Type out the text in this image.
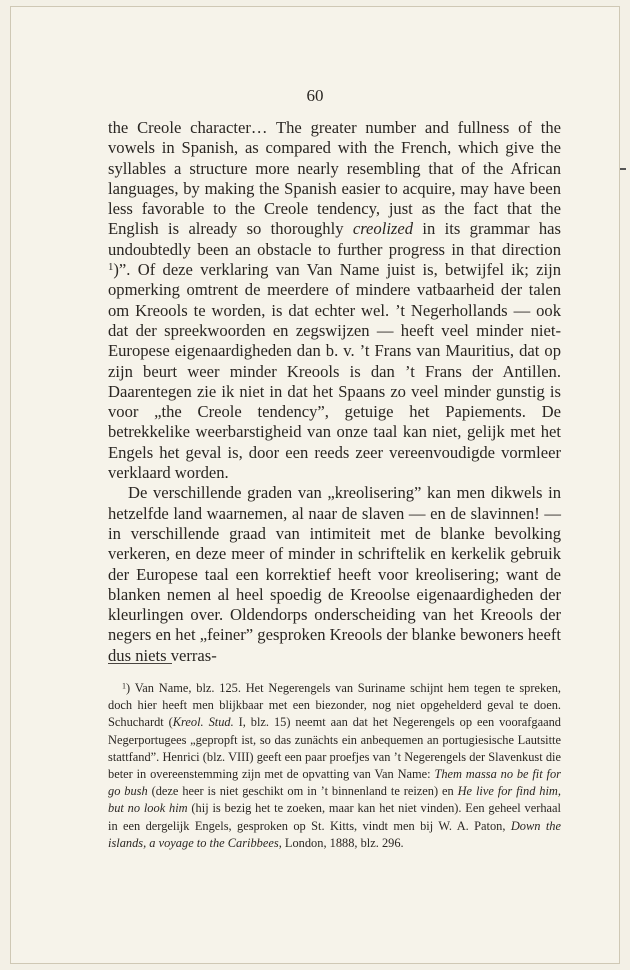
60

the Creole character… The greater number and fullness of the vowels in Spanish, as compared with the French, which give the syllables a structure more nearly resembling that of the African languages, by making the Spanish easier to acquire, may have been less favorable to the Creole tendency, just as the fact that the English is already so thoroughly creolized in its grammar has undoubtedly been an obstacle to further progress in that direction $^1$)”. Of deze verklaring van Van Name juist is, betwijfel ik; zijn opmerking omtrent de meerdere of mindere vatbaarheid der talen om Kreools te worden, is dat echter wel. ’t Negerhollands — ook dat der spreekwoorden en zegswijzen — heeft veel minder niet-Europese eigenaardigheden dan b. v. ’t Frans van Mauritius, dat op zijn beurt weer minder Kreools is dan ’t Frans der Antillen. Daarentegen zie ik niet in dat het Spaans zo veel minder gunstig is voor „the Creole tendency”, getuige het Papiements. De betrekkelike weerbarstigheid van onze taal kan niet, gelijk met het Engels het geval is, door een reeds zeer vereenvoudigde vormleer verklaard worden.

De verschillende graden van „kreolisering” kan men dikwels in hetzelfde land waarnemen, al naar de slaven — en de slavinnen! — in verschillende graad van intimiteit met de blanke bevolking verkeren, en deze meer of minder in schriftelik en kerkelik gebruik der Europese taal een korrektief heeft voor kreolisering; want de blanken nemen al heel spoedig de Kreoolse eigenaardigheden der kleurlingen over. Oldendorps onderscheiding van het Kreools der negers en het „feiner” gesproken Kreools der blanke bewoners heeft dus niets verras-

$^1$) Van Name, blz. 125. Het Negerengels van Suriname schijnt hem tegen te spreken, doch hier heeft men blijkbaar met een biezonder, nog niet opgehelderd geval te doen. Schuchardt (Kreol. Stud. I, blz. 15) neemt aan dat het Negerengels op een voorafgaand Negerportugees „gepropft ist, so das zunächts ein anbequemen an portugiesische Lautsitte stattfand”. Henrici (blz. VIII) geeft een paar proefjes van ’t Negerengels der Slavenkust die beter in overeenstemming zijn met de opvatting van Van Name: Them massa no be fit for go bush (deze heer is niet geschikt om in ’t binnenland te reizen) en He live for find him, but no look him (hij is bezig het te zoeken, maar kan het niet vinden). Een geheel verhaal in een dergelijk Engels, gesproken op St. Kitts, vindt men bij W. A. Paton, Down the islands, a voyage to the Caribbees, London, 1888, blz. 296.
